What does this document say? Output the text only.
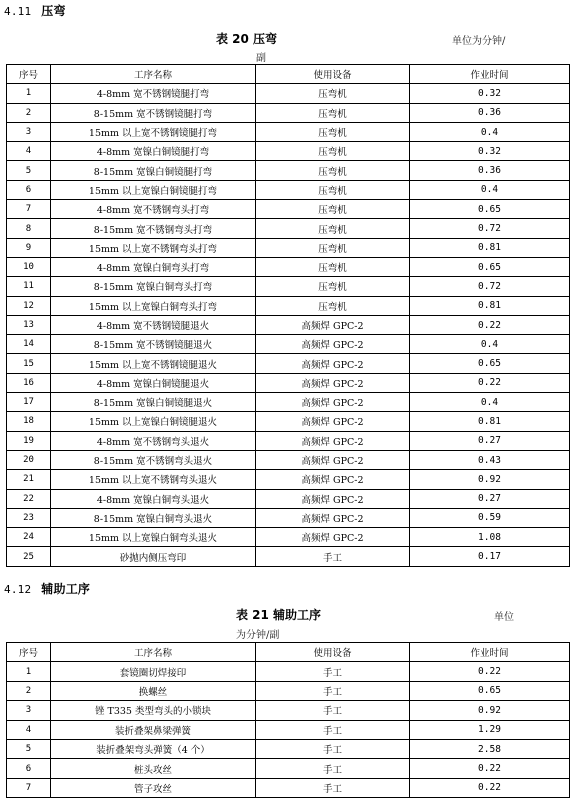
4.11 压弯
表 20 压弯	单位为分钟/
副
序号	工序名称	使用设备	作业时间
1	4-8mm 宽不锈钢镜腿打弯	压弯机	0.32
2	8-15mm 宽不锈钢镜腿打弯	压弯机	0.36
3	15mm 以上宽不锈钢镜腿打弯	压弯机	0.4
4	4-8mm 宽镍白铜镜腿打弯	压弯机	0.32
5	8-15mm 宽镍白铜镜腿打弯	压弯机	0.36
6	15mm 以上宽镍白铜镜腿打弯	压弯机	0.4
7	4-8mm 宽不锈钢弯头打弯	压弯机	0.65
8	8-15mm 宽不锈钢弯头打弯	压弯机	0.72
9	15mm 以上宽不锈钢弯头打弯	压弯机	0.81
10	4-8mm 宽镍白铜弯头打弯	压弯机	0.65
11	8-15mm 宽镍白铜弯头打弯	压弯机	0.72
12	15mm 以上宽镍白铜弯头打弯	压弯机	0.81
13	4-8mm 宽不锈钢镜腿退火	高频焊 GPC-2	0.22
14	8-15mm 宽不锈钢镜腿退火	高频焊 GPC-2	0.4
15	15mm 以上宽不锈钢镜腿退火	高频焊 GPC-2	0.65
16	4-8mm 宽镍白铜镜腿退火	高频焊 GPC-2	0.22
17	8-15mm 宽镍白铜镜腿退火	高频焊 GPC-2	0.4
18	15mm 以上宽镍白铜镜腿退火	高频焊 GPC-2	0.81
19	4-8mm 宽不锈钢弯头退火	高频焊 GPC-2	0.27
20	8-15mm 宽不锈钢弯头退火	高频焊 GPC-2	0.43
21	15mm 以上宽不锈钢弯头退火	高频焊 GPC-2	0.92
22	4-8mm 宽镍白铜弯头退火	高频焊 GPC-2	0.27
23	8-15mm 宽镍白铜弯头退火	高频焊 GPC-2	0.59
24	15mm 以上宽镍白铜弯头退火	高频焊 GPC-2	1.08
25	砂抛内侧压弯印	手工	0.17
4.12 辅助工序
表 21 辅助工序	单位
为分钟/副
序号	工序名称	使用设备	作业时间
1	套镜圈切焊接印	手工	0.22
2	换螺丝	手工	0.65
3	锉 T335 类型弯头的小锁块	手工	0.92
4	装折叠架鼻梁弹簧	手工	1.29
5	装折叠架弯头弹簧（4 个）	手工	2.58
6	桩头攻丝	手工	0.22
7	管子攻丝	手工	0.22
